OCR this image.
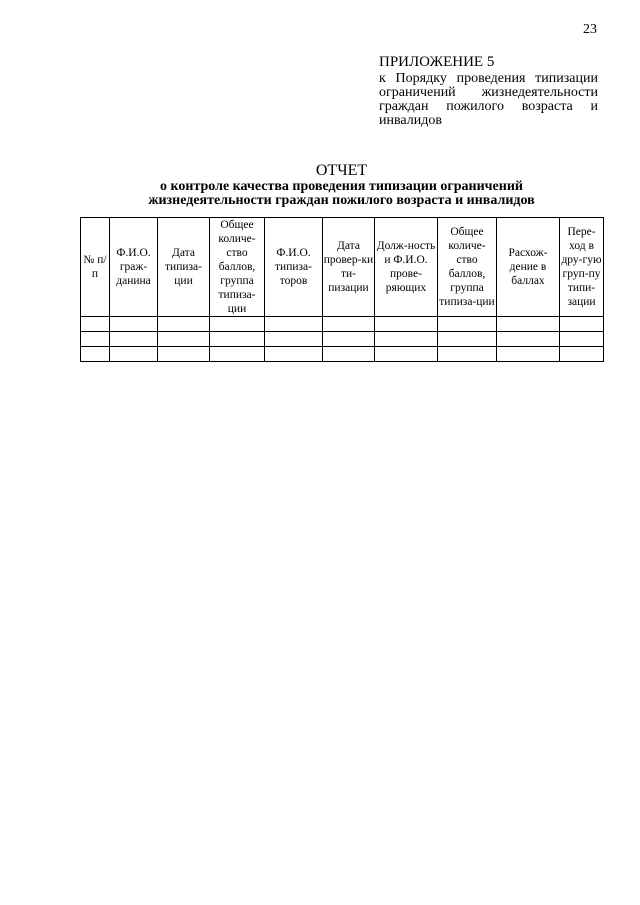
23
ПРИЛОЖЕНИЕ 5
к Порядку проведения типизации ограничений жизнедеятельности граждан пожилого возраста и инвалидов
ОТЧЕТ
о контроле качества проведения типизации ограничений жизнедеятельности граждан пожилого возраста и инвалидов
№ п/п	Ф.И.О. граж-данина	Дата типиза-ции	Общее количе-ство баллов, группа типиза-ции	Ф.И.О. типиза-торов	Дата провер-ки ти-пизации	Долж-ность и Ф.И.О. прове-ряющих	Общее количе-ство баллов, группа типиза-ции	Расхож-дение в баллах	Пере-ход в дру-гую груп-пу типи-зации
